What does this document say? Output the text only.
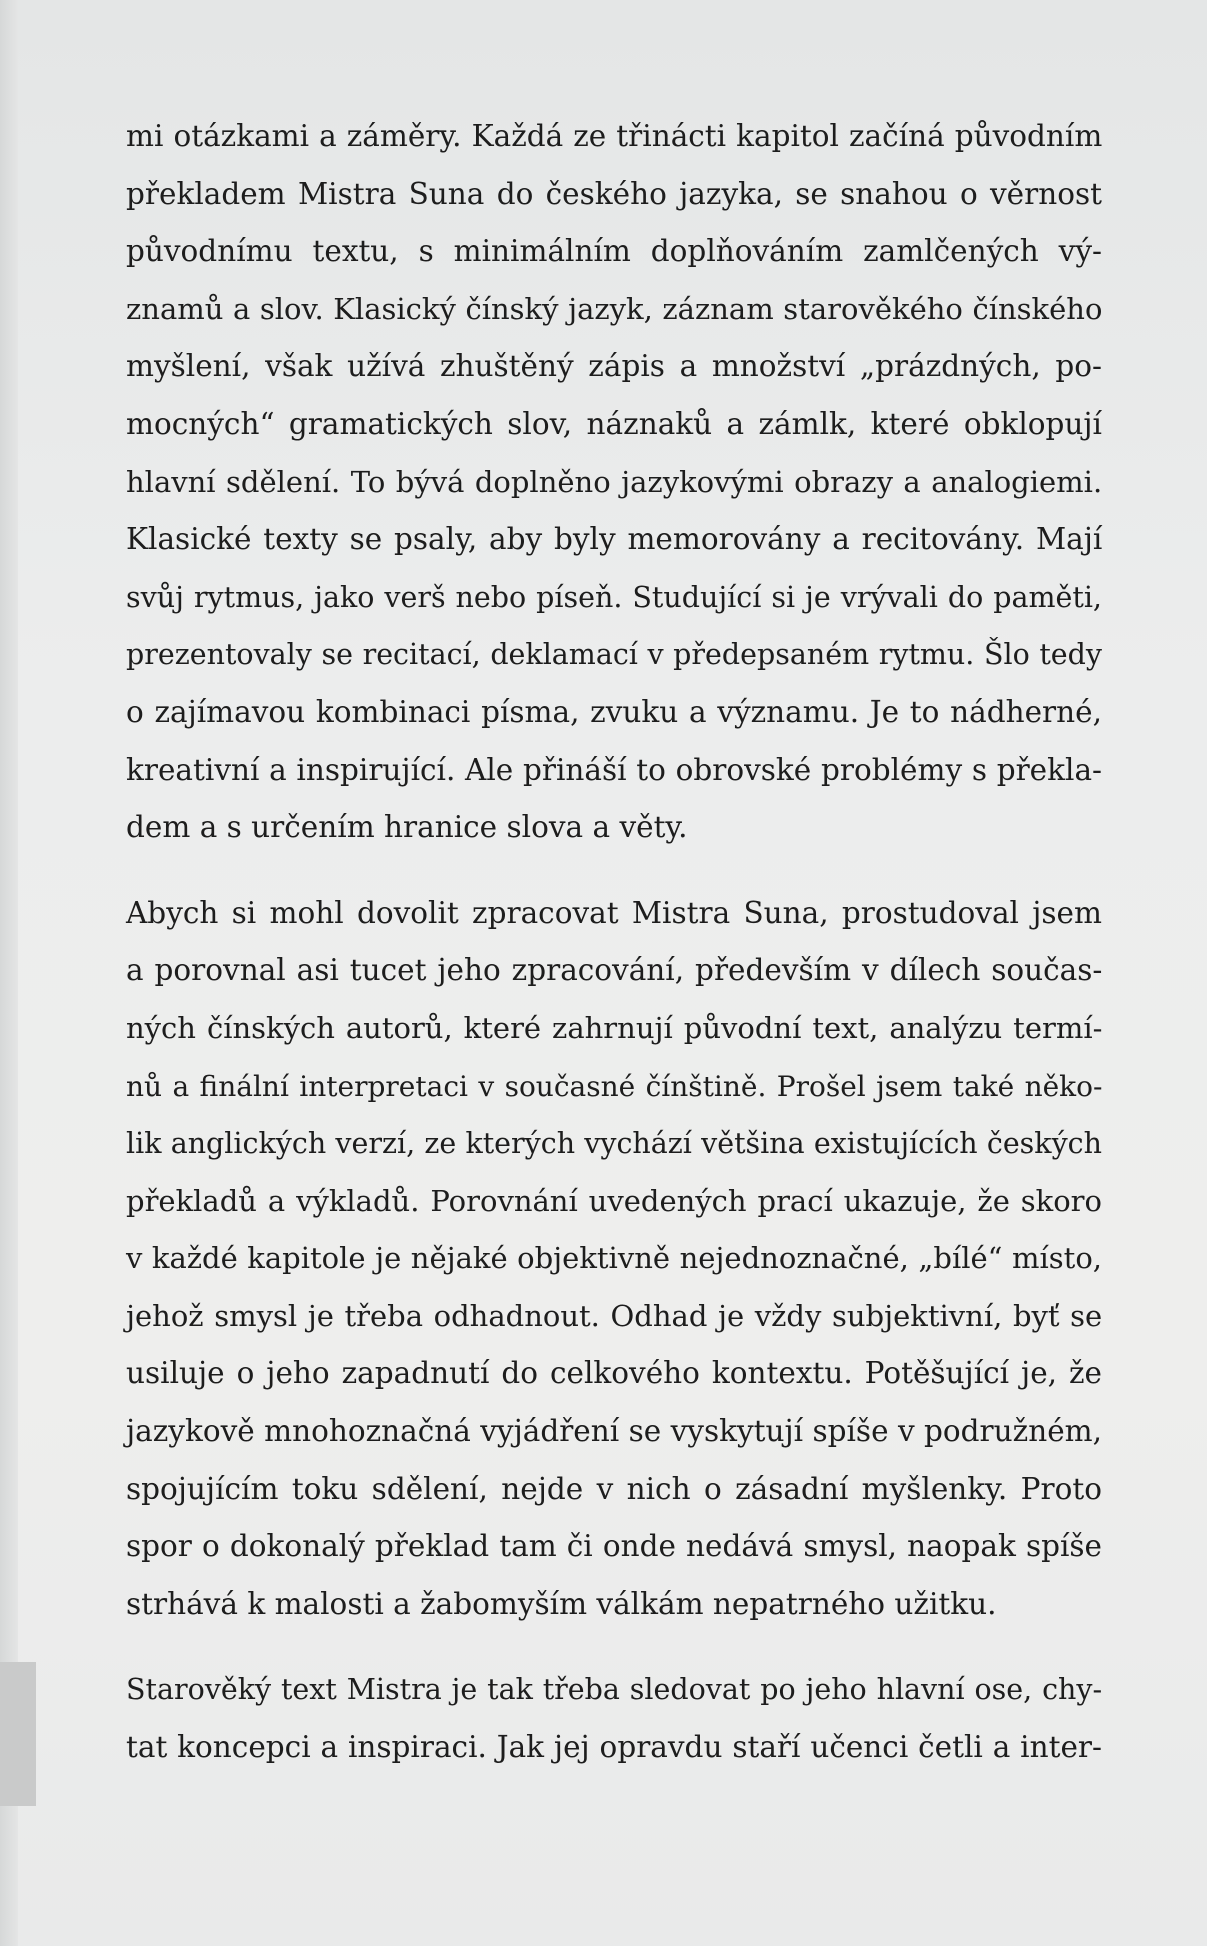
mi otázkami a záměry. Každá ze třinácti kapitol začíná původním
překladem Mistra Suna do českého jazyka, se snahou o věrnost
původnímu textu, s minimálním doplňováním zamlčených vý-
znamů a slov. Klasický čínský jazyk, záznam starověkého čínského
myšlení, však užívá zhuštěný zápis a množství „prázdných, po-
mocných“ gramatických slov, náznaků a zámlk, které obklopují
hlavní sdělení. To bývá doplněno jazykovými obrazy a analogiemi.
Klasické texty se psaly, aby byly memorovány a recitovány. Mají
svůj rytmus, jako verš nebo píseň. Studující si je vrývali do paměti,
prezentovaly se recitací, deklamací v předepsaném rytmu. Šlo tedy
o zajímavou kombinaci písma, zvuku a významu. Je to nádherné,
kreativní a inspirující. Ale přináší to obrovské problémy s překla-
dem a s určením hranice slova a věty.
Abych si mohl dovolit zpracovat Mistra Suna, prostudoval jsem
a porovnal asi tucet jeho zpracování, především v dílech součas-
ných čínských autorů, které zahrnují původní text, analýzu termí-
nů a finální interpretaci v současné čínštině. Prošel jsem také něko-
lik anglických verzí, ze kterých vychází většina existujících českých
překladů a výkladů. Porovnání uvedených prací ukazuje, že skoro
v každé kapitole je nějaké objektivně nejednoznačné, „bílé“ místo,
jehož smysl je třeba odhadnout. Odhad je vždy subjektivní, byť se
usiluje o jeho zapadnutí do celkového kontextu. Potěšující je, že
jazykově mnohoznačná vyjádření se vyskytují spíše v podružném,
spojujícím toku sdělení, nejde v nich o zásadní myšlenky. Proto
spor o dokonalý překlad tam či onde nedává smysl, naopak spíše
strhává k malosti a žabomyším válkám nepatrného užitku.
Starověký text Mistra je tak třeba sledovat po jeho hlavní ose, chy-
tat koncepci a inspiraci. Jak jej opravdu staří učenci četli a inter-
